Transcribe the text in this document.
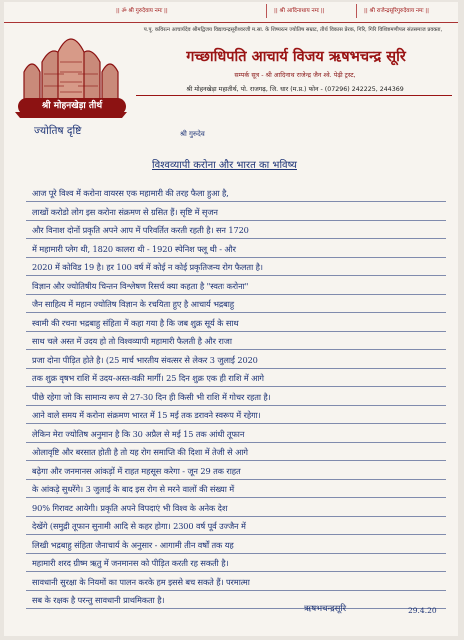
|| ॐ श्री गुरुदेवाय नमः ||	|| श्री आदिनाथाय नमः ||	|| श्री राजेन्द्रसूरिगुरुदेवाय नमः ||
श्री मोहनखेड़ा तीर्थ
प.पू. कविरत्न आचार्यदेव श्रीमद्विजय विद्याचन्द्रसूरीश्वरजी म.सा. के शिष्यरत्न ज्योतिष सम्राट, तीर्थ विकास प्रेरक, गिरि, गिरि विशिष्टमणीपल संतसमाज प्रवक्ता,
गच्छाधिपति आचार्य विजय ऋषभचन्द्र सूरि
सम्पर्क सूत्र - श्री आदिनाथ राजेन्द्र जैन श्वे. पेढ़ी ट्रस्ट,
श्री मोहनखेड़ा महातीर्थ, पो. राजगढ़, जि. धार (म.प्र.) फोन - (07296) 242225, 244369
ज्योतिष दृष्टि	श्री गुरुदेव
विश्वव्यापी करोना और भारत का भविष्य
आज पूरे विश्व में करोना वायरस एक महामारी की तरह फैला हुआ है,
लाखों करोडो लोग इस करोना संक्रमण से ग्रसित हैं। सृष्टि में सृजन
और विनाश दोनों प्रकृति अपने आप में परिवर्तित करती रहती है। सन 1720
में महामारी प्लेग थी, 1820 कालरा थी - 1920 स्पेनिश फ्लू थी - और
2020 में कोविड 19 है। हर 100 वर्ष में कोई न कोई प्रकृतिजन्य रोग फैलता है।
विज्ञान और ज्योतिषीय चिन्तन विश्लेषण रिसर्च क्या कहता है "स्वतः करोना"
जैन साहित्य में महान ज्योतिष विज्ञान के रचयिता हुए है आचार्य भद्रबाहु
स्वामी की रचना भद्रबाहु संहिता में कहा गया है कि जब शुक्र सूर्य के साथ
साथ चले अस्त में उदय हो तो विश्वव्यापी महामारी फैलती है और राजा
प्रजा दोना पीड़ित होते है। (25 मार्च भारतीय संवत्सर से लेकर 3 जुलाई 2020
तक शुक्र वृषभ राशि में उदय-अस्त-वक्री मार्गी। 25 दिन शुक्र एक ही राशि में आगे
पीछे रहेगा जो कि सामान्य रूप से 27-30 दिन ही किसी भी राशि में गोचर रहता है।
आने वाले समय में करोना संक्रमण भारत में 15 मई तक डरावने स्वरूप में रहेगा।
लेकिन मेरा ज्योतिष अनुमान है कि 30 अप्रैल से मई 15 तक आंधी तूफान
ओलावृष्टि और बरसात होती है तो यह रोग समाप्ति की दिशा में तेजी से आगे
बढ़ेगा और जनमानस आंकड़ों में राहत महसूस करेगा - जून 29 तक राहत
के आंकड़े सुधरेंगे। 3 जुलाई के बाद इस रोग से मरने वालों की संख्या में
90% गिरावट आयेगी। प्रकृति अपने विपदाएं भी विश्व के अनेक देश
देखेंगे (समुद्री तूफान सुनामी आदि से कहर होगा। 2300 वर्ष पूर्व उज्जैन में
लिखी भद्रबाहु संहिता जैनाचार्य के अनुसार - आगामी तीन वर्षों तक यह
महामारी शरद ग्रीष्म ऋतु में जनमानस को पीड़ित करती रह सकती है।
सावधानी सुरक्षा के नियमों का पालन करके हम इससे बच सकते हैं। परमात्मा
सब के रक्षक है परन्तु सावधानी प्राथमिकता है।
ऋषभचन्द्रसूरि	29.4.20
